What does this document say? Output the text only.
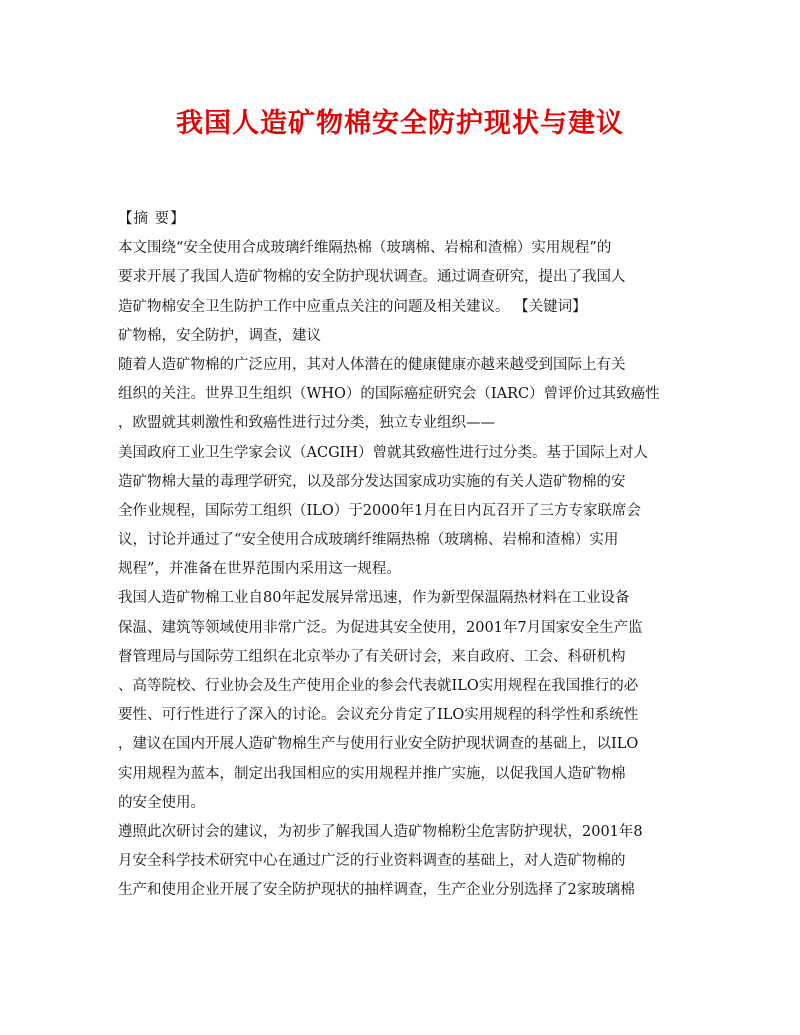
我国人造矿物棉安全防护现状与建议
【摘 要】
本文围绕“安全使用合成玻璃纤维隔热棉（玻璃棉、岩棉和渣棉）实用规程”的
要求开展了我国人造矿物棉的安全防护现状调查。通过调查研究，提出了我国人
造矿物棉安全卫生防护工作中应重点关注的问题及相关建议。 【关键词】
矿物棉，安全防护，调查，建议
随着人造矿物棉的广泛应用，其对人体潜在的健康健康亦越来越受到国际上有关
组织的关注。世界卫生组织（WHO）的国际癌症研究会（IARC）曾评价过其致癌性
，欧盟就其刺激性和致癌性进行过分类，独立专业组织——
美国政府工业卫生学家会议（ACGIH）曾就其致癌性进行过分类。基于国际上对人
造矿物棉大量的毒理学研究，以及部分发达国家成功实施的有关人造矿物棉的安
全作业规程，国际劳工组织（ILO）于2000年1月在日内瓦召开了三方专家联席会
议，讨论并通过了“安全使用合成玻璃纤维隔热棉（玻璃棉、岩棉和渣棉）实用
规程”，并准备在世界范围内采用这一规程。
我国人造矿物棉工业自80年起发展异常迅速，作为新型保温隔热材料在工业设备
保温、建筑等领域使用非常广泛。为促进其安全使用，2001年7月国家安全生产监
督管理局与国际劳工组织在北京举办了有关研讨会，来自政府、工会、科研机构
、高等院校、行业协会及生产使用企业的参会代表就ILO实用规程在我国推行的必
要性、可行性进行了深入的讨论。会议充分肯定了ILO实用规程的科学性和系统性
，建议在国内开展人造矿物棉生产与使用行业安全防护现状调查的基础上，以ILO
实用规程为蓝本，制定出我国相应的实用规程并推广实施，以促我国人造矿物棉
的安全使用。
遵照此次研讨会的建议，为初步了解我国人造矿物棉粉尘危害防护现状，2001年8
月安全科学技术研究中心在通过广泛的行业资料调查的基础上，对人造矿物棉的
生产和使用企业开展了安全防护现状的抽样调查，生产企业分别选择了2家玻璃棉
